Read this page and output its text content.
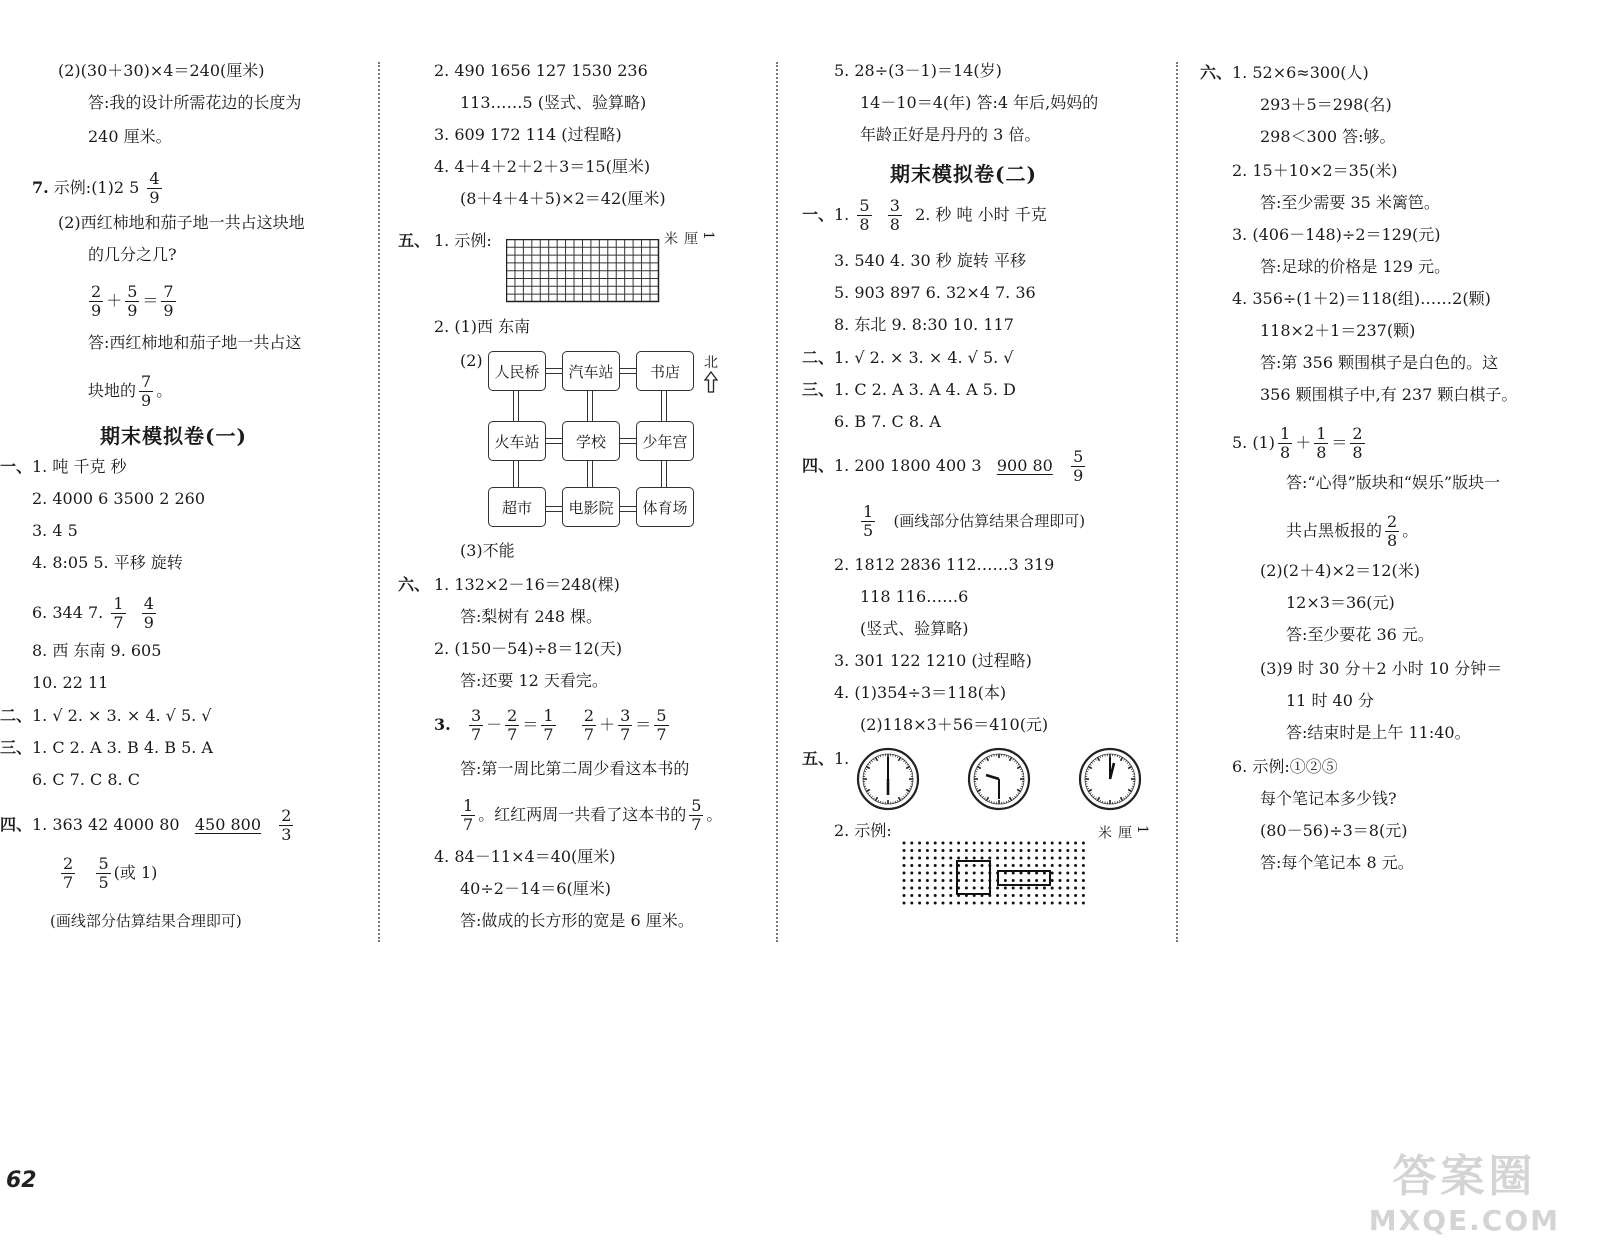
(2)(30＋30)×4＝240(厘米)
答:我的设计所需花边的长度为
240 厘米。
7. 示例:(1)2 $5 \frac{4}{9}$
(2)西红柿地和茄子地一共占这块地
的几分之几?
$\frac{2}{9} + \frac{5}{9} = \frac{7}{9}$
答:西红柿地和茄子地一共占这
块地的 $\frac{7}{9}$ 。
期末模拟卷(一)
一、 1. 吨 千克 秒
2. 4000 6 3500 2 260
3. 4 5
4. 8:05 5. 平移 旋转
6. 344 7. $\frac{1}{7}$
$\frac{4}{9}$
8. 西 东南 9. 605
10. 22 11
二、 1. √ 2. × 3. × 4. √ 5. √
三、 1. C 2. A 3. B 4. B 5. A
6. C 7. C 8. C
四、 1. 363 42 4000 80 450 $800 \frac{2}{3}$
$\frac{2}{7}$
$\frac{5}{5}$ (或 1)
(画线部分估算结果合理即可)
2. 490 1656 127 1530 236
113……5 (竖式、验算略)
3. 609 172 114 (过程略)
4. 4＋4＋2＋2＋3＝15(厘米)
(8＋4＋4＋5)×2＝42(厘米)
五、 1. 示例:	1厘米
2. (1)西 东南
(2)
人民桥	汽车站	书店
火车站	学校	少年宫
超市	电影院	体育场
北
(3)不能
六、 1. 132×2－16＝248(棵)
答:梨树有 248 棵。
2. (150－54)÷8＝12(天)
答:还要 12 天看完。
3. $\frac{3}{7} - \frac{2}{7} = \frac{1}{7}$
$\frac{2}{7} + \frac{3}{7} = \frac{5}{7}$
答:第一周比第二周少看这本书的
$\frac{1}{7}$ 。红红两周一共看了这本书的 $\frac{5}{7}$ 。
4. 84－11×4＝40(厘米)
40÷2－14＝6(厘米)
答:做成的长方形的宽是 6 厘米。
5. 28÷(3－1)＝14(岁)
14－10＝4(年) 答:4 年后,妈妈的
年龄正好是丹丹的 3 倍。
期末模拟卷(二)
一、 1. $\frac{5}{8}$
$\frac{3}{8} 2$. 秒 吨 小时 千克
3. 540 4. 30 秒 旋转 平移
5. 903 897 6. 32×4 7. 36
8. 东北 9. 8:30 10. 117
二、 1. √ 2. × 3. × 4. √ 5. √
三、 1. C 2. A 3. A 4. A 5. D
6. B 7. C 8. A
四、 1. 200 1800 400 3 900 $80 \frac{5}{9}$
$\frac{1}{5}$ (画线部分估算结果合理即可)
2. 1812 2836 112……3 319
118 116……6
(竖式、验算略)
3. 301 122 1210 (过程略)
4. (1)354÷3＝118(本)
(2)118×3＋56＝410(元)
五、 1.
2. 示例:	1厘米
六、 1. 52×6≈300(人)
293＋5＝298(名)
298＜300 答:够。
2. 15＋10×2＝35(米)
答:至少需要 35 米篱笆。
3. (406－148)÷2＝129(元)
答:足球的价格是 129 元。
4. 356÷(1＋2)＝118(组)……2(颗)
118×2＋1＝237(颗)
答:第 356 颗围棋子是白色的。这
356 颗围棋子中,有 237 颗白棋子。
5. $(1) \frac{1}{8} + \frac{1}{8} = \frac{2}{8}$
答:“心得”版块和“娱乐”版块一
共占黑板报的 $\frac{2}{8}$ 。
(2)(2＋4)×2＝12(米)
12×3＝36(元)
答:至少要花 36 元。
(3)9 时 30 分＋2 小时 10 分钟＝
11 时 40 分
答:结束时是上午 11:40。
6. 示例:①②⑤
每个笔记本多少钱?
(80－56)÷3＝8(元)
答:每个笔记本 8 元。
62	答案圈
MXQE.COM
